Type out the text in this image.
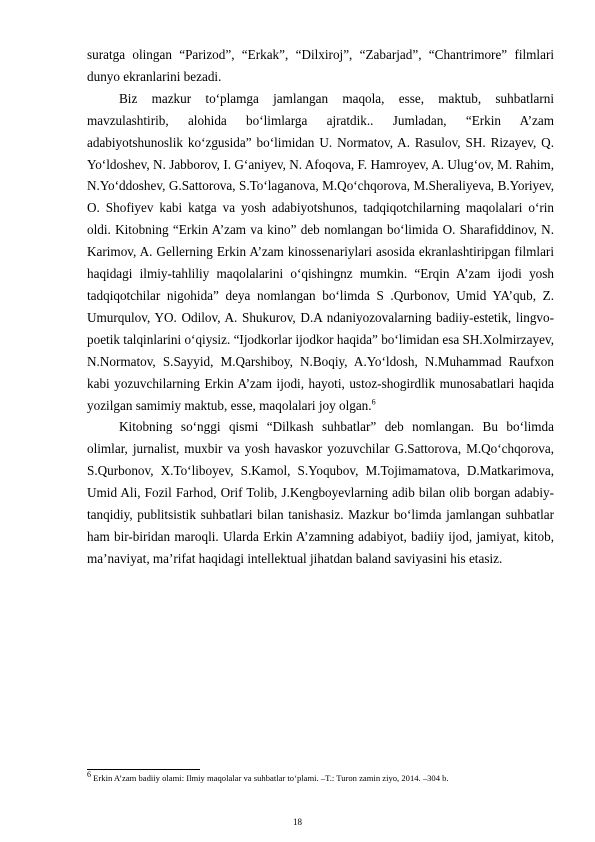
suratga olingan “Parizod”, “Erkak”, “Dilxiroj”, “Zabarjad”, “Chantrimore” filmlari dunyo ekranlarini bezadi.

Biz mazkur to‘plamga jamlangan maqola, esse, maktub, suhbatlarni mavzulashtirib, alohida bo‘limlarga ajratdik.. Jumladan, “Erkin A’zam adabiyotshunoslik ko‘zgusida” bo‘limidan U. Normatov, A. Rasulov, SH. Rizayev, Q. Yo‘ldoshev, N. Jabborov, I. G‘aniyev, N. Afoqova, F. Hamroyev, A. Ulug‘ov, M. Rahim, N.Yo‘ddoshev, G.Sattorova, S.To‘laganova, M.Qo‘chqorova, M.Sheraliyeva, B.Yoriyev, O. Shofiyev kabi katga va yosh adabiyotshunos, tadqiqotchilarning maqolalari o‘rin oldi. Kitobning “Erkin A’zam va kino” deb nomlangan bo‘limida O. Sharafiddinov, N. Karimov, A. Gellerning Erkin A’zam kinossenariylari asosida ekranlashtiripgan filmlari haqidagi ilmiy-tahliliy maqolalarini o‘qishingnz mumkin. “Erqin A’zam ijodi yosh tadqiqotchilar nigohida” deya nomlangan bo‘limda S .Qurbonov, Umid YA’qub, Z. Umurqulov, YO. Odilov, A. Shukurov, D.A ndaniyozovalarning badiiy-estetik, lingvo-poetik talqinlarini o‘qiysiz. “Ijodkorlar ijodkor haqida” bo‘limidan esa SH.Xolmirzayev, N.Normatov, S.Sayyid, M.Qarshiboy, N.Boqiy, A.Yo‘ldosh, N.Muhammad Raufxon kabi yozuvchilarning Erkin A’zam ijodi, hayoti, ustoz-shogirdlik munosabatlari haqida yozilgan samimiy maktub, esse, maqolalari joy olgan.$^6$

Kitobning so‘nggi qismi “Dilkash suhbatlar” deb nomlangan. Bu bo‘limda olimlar, jurnalist, muxbir va yosh havaskor yozuvchilar G.Sattorova, M.Qo‘chqorova, S.Qurbonov, X.To‘liboyev, S.Kamol, S.Yoqubov, M.Tojimamatova, D.Matkarimova, Umid Ali, Fozil Farhod, Orif Tolib, J.Kengboyevlarning adib bilan olib borgan adabiy-tanqidiy, publitsistik suhbatlari bilan tanishasiz. Mazkur bo‘limda jamlangan suhbatlar ham bir-biridan maroqli. Ularda Erkin A’zamning adabiyot, badiiy ijod, jamiyat, kitob, ma’naviyat, ma’rifat haqidagi intellektual jihatdan baland saviyasini his etasiz.

$^6$ Erkin A’zam badiiy olami: Ilmiy maqolalar va suhbatlar to‘plami. –T.: Turon zamin ziyo, 2014. –304 b.
18
